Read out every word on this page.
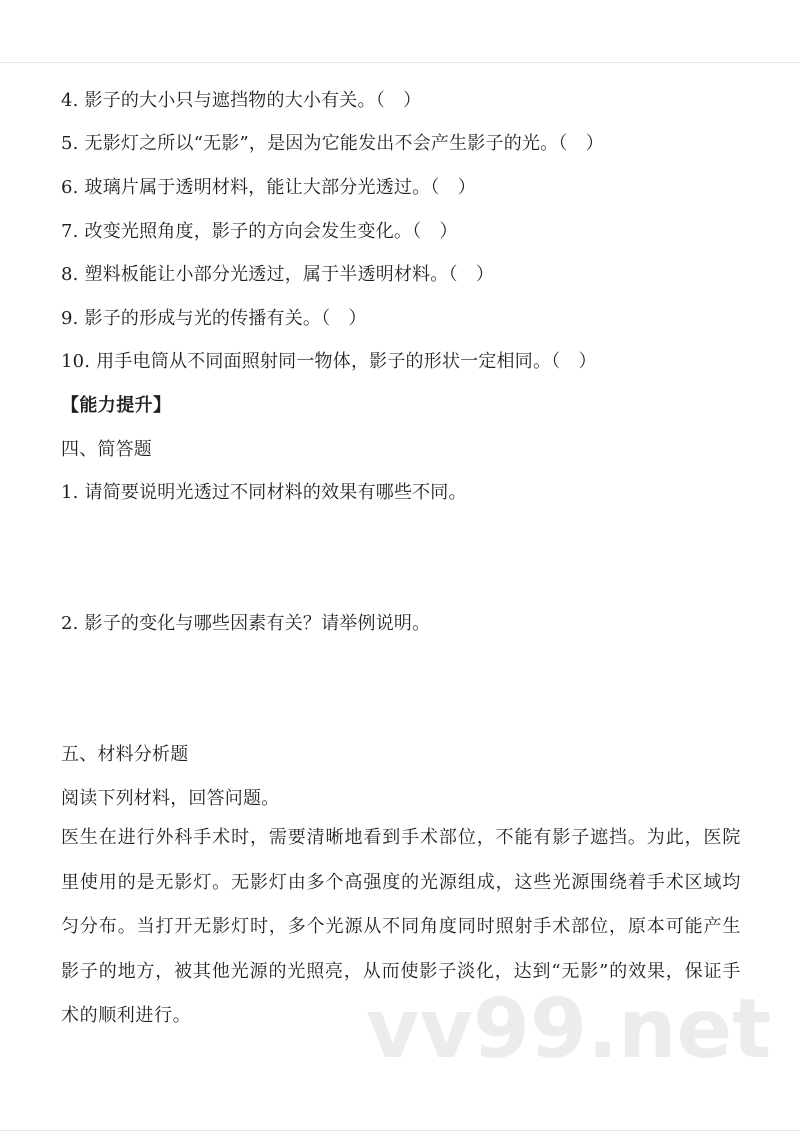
4. 影子的大小只与遮挡物的大小有关。（　）
5. 无影灯之所以“无影”，是因为它能发出不会产生影子的光。（　）
6. 玻璃片属于透明材料，能让大部分光透过。（　）
7. 改变光照角度，影子的方向会发生变化。（　）
8. 塑料板能让小部分光透过，属于半透明材料。（　）
9. 影子的形成与光的传播有关。（　）
10. 用手电筒从不同面照射同一物体，影子的形状一定相同。（　）
【能力提升】
四、简答题
1. 请简要说明光透过不同材料的效果有哪些不同。
2. 影子的变化与哪些因素有关？请举例说明。
五、材料分析题
阅读下列材料，回答问题。
医生在进行外科手术时，需要清晰地看到手术部位，不能有影子遮挡。为此，医院里使用的是无影灯。无影灯由多个高强度的光源组成，这些光源围绕着手术区域均匀分布。当打开无影灯时，多个光源从不同角度同时照射手术部位，原本可能产生影子的地方，被其他光源的光照亮，从而使影子淡化，达到“无影”的效果，保证手术的顺利进行。	vv99.net
